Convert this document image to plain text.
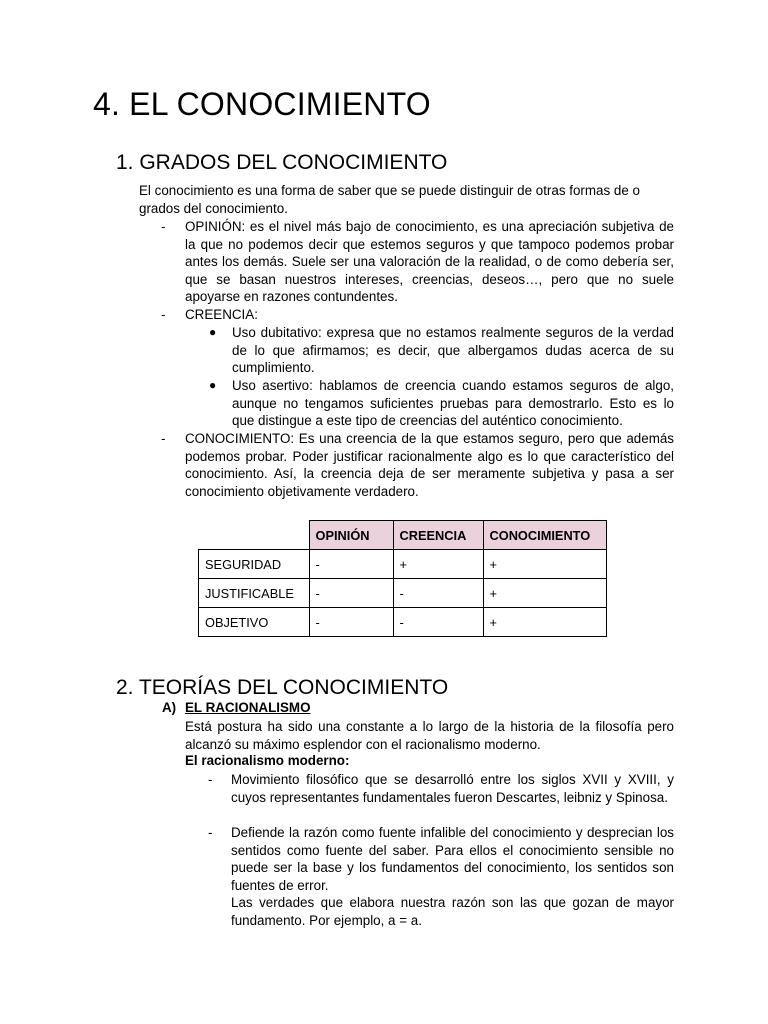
4. EL CONOCIMIENTO
1. GRADOS DEL CONOCIMIENTO
El conocimiento es una forma de saber que se puede distinguir de otras formas de o grados del conocimiento.
- OPINIÓN: es el nivel más bajo de conocimiento, es una apreciación subjetiva de la que no podemos decir que estemos seguros y que tampoco podemos probar antes los demás. Suele ser una valoración de la realidad, o de como debería ser, que se basan nuestros intereses, creencias, deseos…, pero que no suele apoyarse en razones contundentes.
- CREENCIA:
● Uso dubitativo: expresa que no estamos realmente seguros de la verdad de lo que afirmamos; es decir, que albergamos dudas acerca de su cumplimiento.
● Uso asertivo: hablamos de creencia cuando estamos seguros de algo, aunque no tengamos suficientes pruebas para demostrarlo. Esto es lo que distingue a este tipo de creencias del auténtico conocimiento.
- CONOCIMIENTO: Es una creencia de la que estamos seguro, pero que además podemos probar. Poder justificar racionalmente algo es lo que característico del conocimiento. Así, la creencia deja de ser meramente subjetiva y pasa a ser conocimiento objetivamente verdadero.
	OPINIÓN	CREENCIA	CONOCIMIENTO
SEGURIDAD	-	+	+
JUSTIFICABLE	-	-	+
OBJETIVO	-	-	+
2. TEORÍAS DEL CONOCIMIENTO
A) EL RACIONALISMO
Está postura ha sido una constante a lo largo de la historia de la filosofía pero alcanzó su máximo esplendor con el racionalismo moderno.
El racionalismo moderno:
- Movimiento filosófico que se desarrolló entre los siglos XVII y XVIII, y cuyos representantes fundamentales fueron Descartes, leibniz y Spinosa.
- Defiende la razón como fuente infalible del conocimiento y desprecian los sentidos como fuente del saber. Para ellos el conocimiento sensible no puede ser la base y los fundamentos del conocimiento, los sentidos son fuentes de error.
Las verdades que elabora nuestra razón son las que gozan de mayor fundamento. Por ejemplo, a = a.
